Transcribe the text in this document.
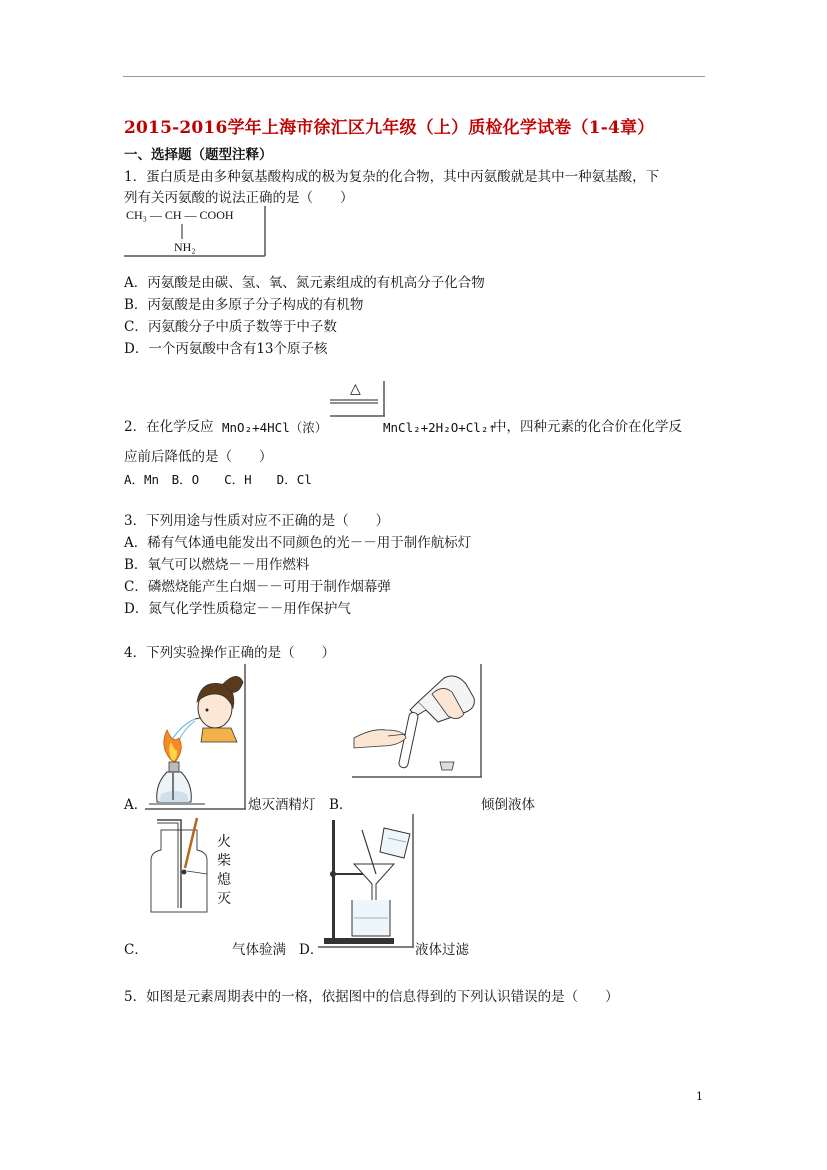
2015-2016学年上海市徐汇区九年级（上）质检化学试卷（1-4章）
一、选择题（题型注释）
1．蛋白质是由多种氨基酸构成的极为复杂的化合物，其中丙氨酸就是其中一种氨基酸，下
列有关丙氨酸的说法正确的是（　　）
CH₃ — CH — COOH
NH₂
A．丙氨酸是由碳、氢、氧、氮元素组成的有机高分子化合物
B．丙氨酸是由多原子分子构成的有机物
C．丙氨酸分子中质子数等于中子数
D．一个丙氨酸中含有13个原子核
△
2．在化学反应 MnO₂+4HCl（浓）	MnCl₂+2H₂O+Cl₂↑
中，四种元素的化合价在化学反
应前后降低的是（　　）
A．Mn　B．O　　C．H　　D．Cl
3．下列用途与性质对应不正确的是（　　）
A．稀有气体通电能发出不同颜色的光－－用于制作航标灯
B．氧气可以燃烧－－用作燃料
C．磷燃烧能产生白烟－－可用于制作烟幕弹
D．氮气化学性质稳定－－用作保护气
4．下列实验操作正确的是（　　）
A．	熄灭酒精灯 B．	倾倒液体
火
柴
熄
灭
C．	气体验满 D．	液体过滤
5．如图是元素周期表中的一格，依据图中的信息得到的下列认识错误的是（　　）
1
